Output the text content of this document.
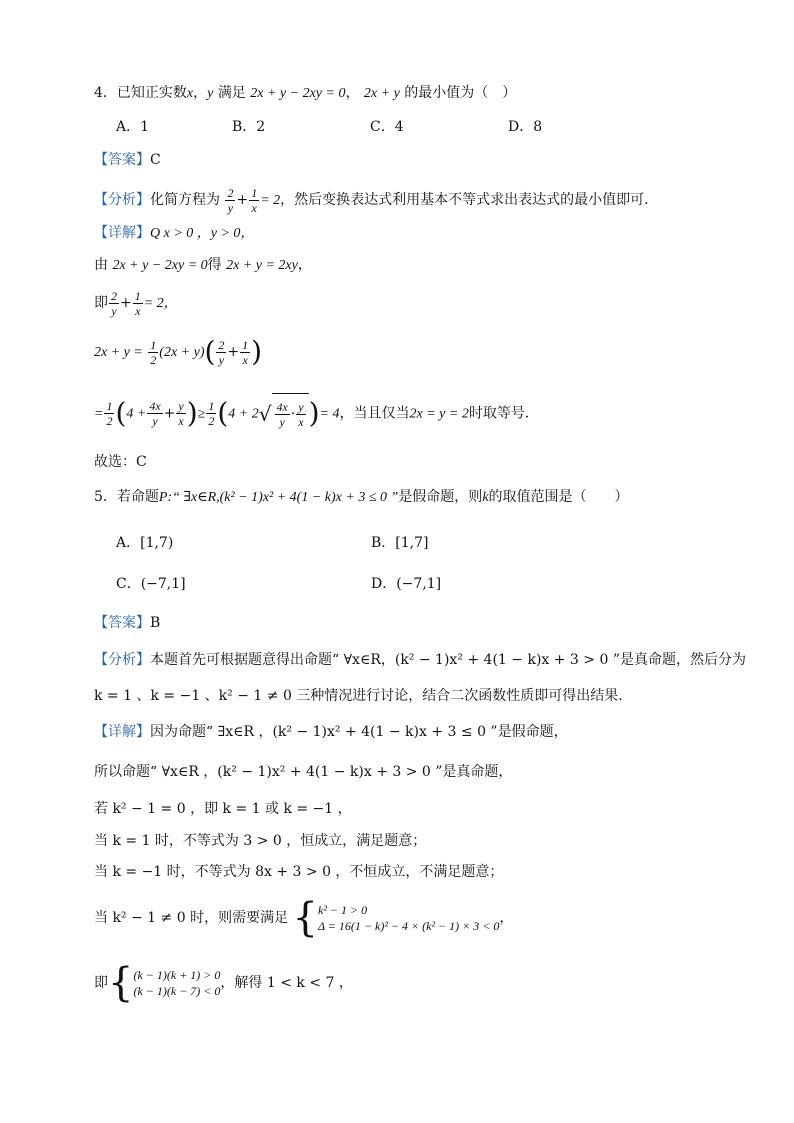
4．已知正实数x，y 满足 2x + y − 2xy = 0， 2x + y 的最小值为（　）
A．1	B．2	C．4	D．8
【答案】C
【分析】化简方程为 $\frac{2}{y} + \frac{1}{x} = 2$，然后变换表达式利用基本不等式求出表达式的最小值即可．
【详解】Q x > 0 ，y > 0，
由 2x + y − 2xy = 0得 2x + y = 2xy，
即 $\frac{2}{y} + \frac{1}{x} = 2$，
$2x + y = \frac{1}{2} (2x + y)( \frac{2}{y} + \frac{1}{x}$ )
= $\frac{1}{2} (4 + \frac{4x}{y} + \frac{y}{x}$ )≥ $\frac{1}{2} (4 + 2$ √ $\frac{4x}{y} \cdot \frac{y}{x}$ )= 4，当且仅当2x = y = 2时取等号．
故选：C
5．若命题P:“ ∃x∈R,(k² − 1)x² + 4(1 − k)x + 3 ≤ 0 ”是假命题，则k的取值范围是（　　）
A．[1,7)	B．[1,7]
C．(−7,1]	D．(−7,1]
【答案】B
【分析】本题首先可根据题意得出命题“ ∀x∈R，(k² − 1)x² + 4(1 − k)x + 3 > 0 ”是真命题，然后分为
k = 1 、k = −1 、k² − 1 ≠ 0 三种情况进行讨论，结合二次函数性质即可得出结果.
【详解】因为命题“ ∃x∈R ，(k² − 1)x² + 4(1 − k)x + 3 ≤ 0 ”是假命题，
所以命题“ ∀x∈R ，(k² − 1)x² + 4(1 − k)x + 3 > 0 ”是真命题，
若 k² − 1 = 0 ，即 k = 1 或 k = −1 ，
当 k = 1 时，不等式为 3 > 0 ，恒成立，满足题意；
当 k = −1 时，不等式为 8x + 3 > 0 ，不恒成立，不满足题意；
当 k² − 1 ≠ 0 时，则需要满足 { k² − 1 > 0
Δ = 16(1 − k)² − 4 × (k² − 1) × 3 < 0 ，
即 { (k − 1)(k + 1) > 0
(k − 1)(k − 7) < 0 ，解得 1 < k < 7 ，
